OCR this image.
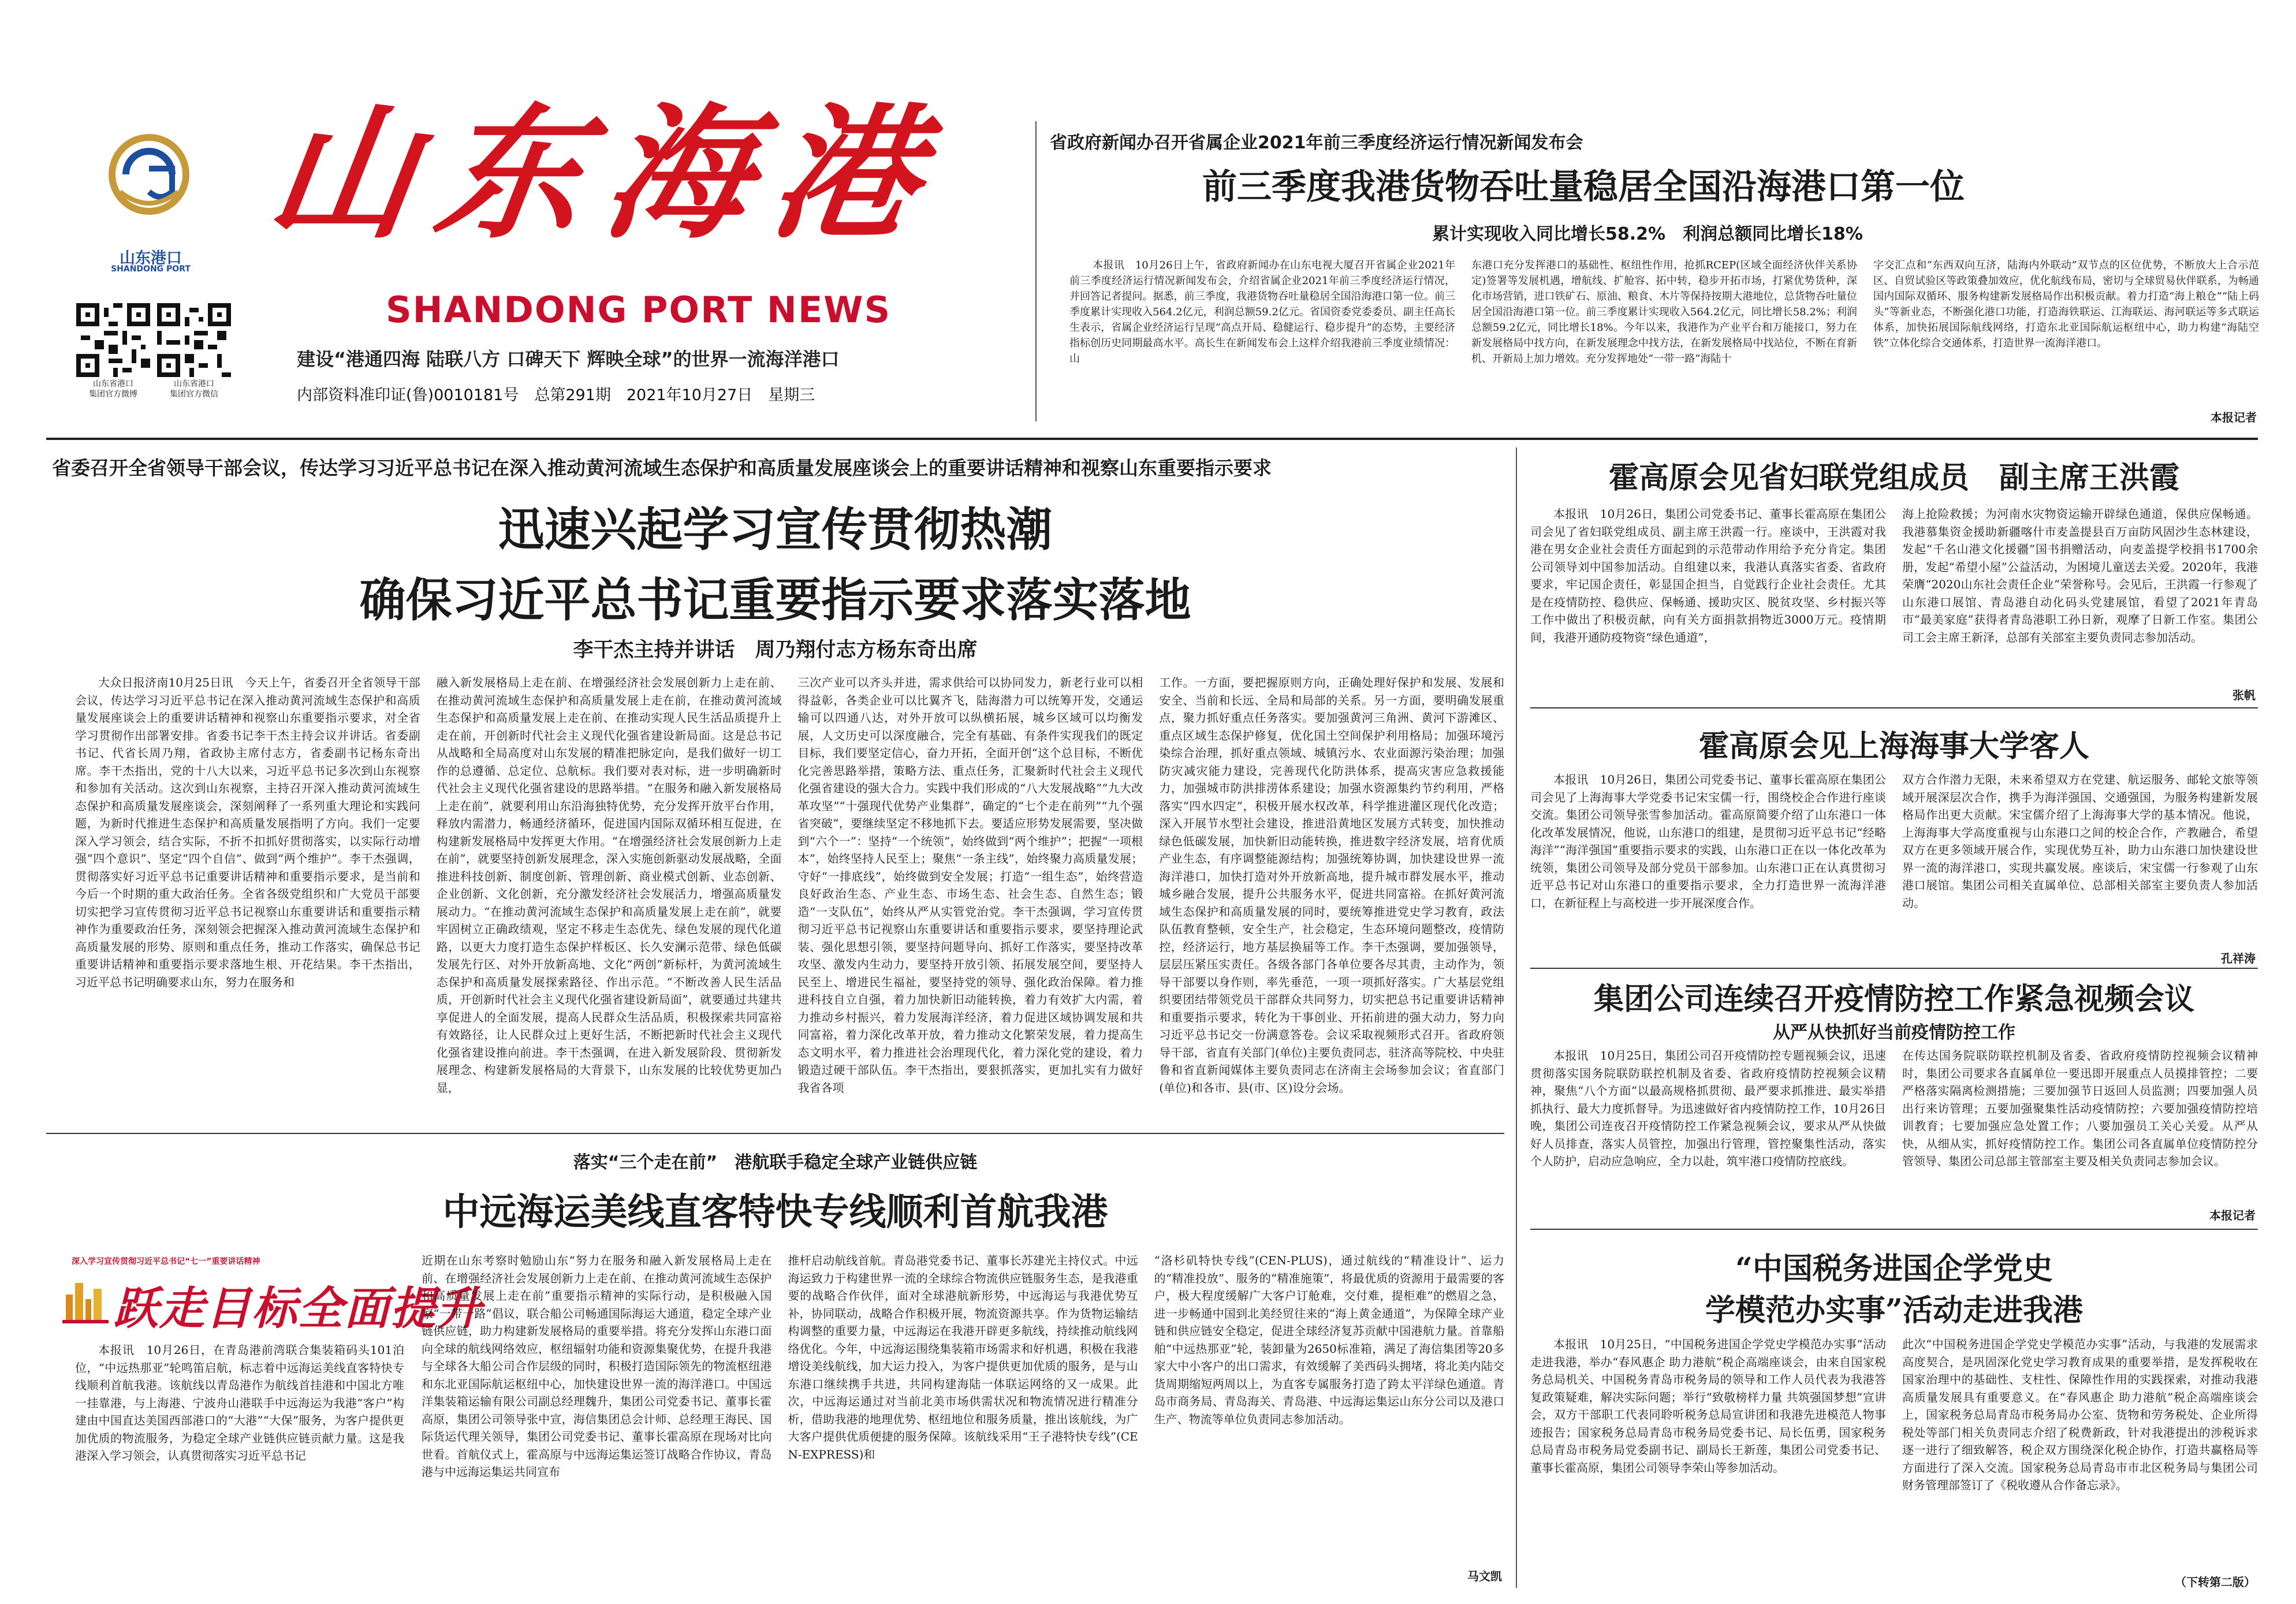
山东港口
SHANDONG PORT
山东省港口
集团官方微博
山东省港口
集团官方微信
山东海港
SHANDONG PORT NEWS
建设“港通四海 陆联八方 口碑天下 辉映全球”的世界一流海洋港口
内部资料准印证(鲁)0010181号　总第291期　2021年10月27日　星期三
省政府新闻办召开省属企业2021年前三季度经济运行情况新闻发布会
前三季度我港货物吞吐量稳居全国沿海港口第一位
累计实现收入同比增长58.2%　利润总额同比增长18%

本报讯　10月26日上午，省政府新闻办在山东电视大厦召开省属企业2021年前三季度经济运行情况新闻发布会，介绍省属企业2021年前三季度经济运行情况，并回答记者提问。据悉，前三季度，我港货物吞吐量稳居全国沿海港口第一位。前三季度累计实现收入564.2亿元，利润总额59.2亿元。省国资委党委委员、副主任高长生表示，省属企业经济运行呈现“高点开局、稳健运行、稳步提升”的态势，主要经济指标创历史同期最高水平。高长生在新闻发布会上这样介绍我港前三季度业绩情况：山

东港口充分发挥港口的基础性、枢纽性作用，抢抓RCEP(区域全面经济伙伴关系协定)签署等发展机遇，增航线、扩舱容、拓中转，稳步开拓市场，打紧优势货种，深化市场营销，进口铁矿石、原油、粮食、木片等保持按期大港地位，总货物吞吐量位居全国沿海港口第一位。前三季度累计实现收入564.2亿元，同比增长58.2%；利润总额59.2亿元，同比增长18%。今年以来，我港作为产业平台和万能接口，努力在新发展格局中找方向，在新发展理念中找方法，在新发展格局中找站位，不断在育新机、开新局上加力增效。充分发挥地处“一带一路”海陆十

字交汇点和“东西双向互济，陆海内外联动”双节点的区位优势，不断放大上合示范区、自贸试验区等政策叠加效应，优化航线布局，密切与全球贸易伙伴联系，为畅通国内国际双循环、服务构建新发展格局作出积极贡献。着力打造“海上粮仓”“陆上码头”等新业态，不断强化港口功能，打造海铁联运、江海联运、海河联运等多式联运体系，加快拓展国际航线网络，打造东北亚国际航运枢纽中心，助力构建“海陆空铁”立体化综合交通体系，打造世界一流海洋港口。

本报记者
省委召开全省领导干部会议，传达学习习近平总书记在深入推动黄河流域生态保护和高质量发展座谈会上的重要讲话精神和视察山东重要指示要求
迅速兴起学习宣传贯彻热潮
确保习近平总书记重要指示要求落实落地
李干杰主持并讲话　周乃翔付志方杨东奇出席

大众日报济南10月25日讯　今天上午，省委召开全省领导干部会议，传达学习习近平总书记在深入推动黄河流域生态保护和高质量发展座谈会上的重要讲话精神和视察山东重要指示要求，对全省学习贯彻作出部署安排。省委书记李干杰主持会议并讲话。省委副书记、代省长周乃翔，省政协主席付志方，省委副书记杨东奇出席。李干杰指出，党的十八大以来，习近平总书记多次到山东视察和参加有关活动。这次到山东视察，主持召开深入推动黄河流域生态保护和高质量发展座谈会，深刻阐释了一系列重大理论和实践问题，为新时代推进生态保护和高质量发展指明了方向。我们一定要深入学习领会，结合实际，不折不扣抓好贯彻落实，以实际行动增强“四个意识”、坚定“四个自信”、做到“两个维护”。李干杰强调，贯彻落实好习近平总书记重要讲话精神和重要指示要求，是当前和今后一个时期的重大政治任务。全省各级党组织和广大党员干部要切实把学习宣传贯彻习近平总书记视察山东重要讲话和重要指示精神作为重要政治任务，深刻领会把握深入推动黄河流域生态保护和高质量发展的形势、原则和重点任务，推动工作落实，确保总书记重要讲话精神和重要指示要求落地生根、开花结果。李干杰指出，习近平总书记明确要求山东，努力在服务和

融入新发展格局上走在前、在增强经济社会发展创新力上走在前、在推动黄河流域生态保护和高质量发展上走在前，在推动黄河流域生态保护和高质量发展上走在前、在推动实现人民生活品质提升上走在前，开创新时代社会主义现代化强省建设新局面。这是总书记从战略和全局高度对山东发展的精准把脉定向，是我们做好一切工作的总遵循、总定位、总航标。我们要对表对标，进一步明确新时代社会主义现代化强省建设的思路举措。“在服务和融入新发展格局上走在前”，就要利用山东沿海独特优势，充分发挥开放平台作用，释放内需潜力，畅通经济循环，促进国内国际双循环相互促进，在构建新发展格局中发挥更大作用。“在增强经济社会发展创新力上走在前”，就要坚持创新发展理念，深入实施创新驱动发展战略，全面推进科技创新、制度创新、管理创新、商业模式创新、业态创新、企业创新、文化创新，充分激发经济社会发展活力，增强高质量发展动力。“在推动黄河流域生态保护和高质量发展上走在前”，就要牢固树立正确政绩观，坚定不移走生态优先、绿色发展的现代化道路，以更大力度打造生态保护样板区、长久安澜示范带、绿色低碳发展先行区、对外开放新高地、文化“两创”新标杆，为黄河流域生态保护和高质量发展探索路径、作出示范。“不断改善人民生活品质，开创新时代社会主义现代化强省建设新局面”，就要通过共建共享促进人的全面发展，提高人民群众生活品质，积极探索共同富裕有效路径，让人民群众过上更好生活，不断把新时代社会主义现代化强省建设推向前进。李干杰强调，在进入新发展阶段、贯彻新发展理念、构建新发展格局的大背景下，山东发展的比较优势更加凸显，

三次产业可以齐头并进，需求供给可以协同发力，新老行业可以相得益彰，各类企业可以比翼齐飞，陆海潜力可以统筹开发，交通运输可以四通八达，对外开放可以纵横拓展，城乡区域可以均衡发展，人文历史可以深度融合，完全有基础、有条件实现我们的既定目标，我们要坚定信心，奋力开拓，全面开创“这个总目标，不断优化完善思路举措，策略方法、重点任务，汇聚新时代社会主义现代化强省建设的强大合力。实践中我们形成的“八大发展战略”“九大改革攻坚”“十强现代优势产业集群”，确定的“七个走在前列”“九个强省突破”，要继续坚定不移地抓下去。要适应形势发展需要，坚决做到“六个一”：坚持“一个统领”，始终做到“两个维护”；把握“一项根本”，始终坚持人民至上；聚焦“一条主线”，始终聚力高质量发展；守好“一排底线”，始终做到安全发展；打造“一组生态”，始终营造良好政治生态、产业生态、市场生态、社会生态、自然生态；锻造“一支队伍”，始终从严从实管党治党。李干杰强调，学习宣传贯彻习近平总书记视察山东重要讲话和重要指示要求，要坚持理论武装、强化思想引领，要坚持问题导向、抓好工作落实，要坚持改革攻坚、激发内生动力，要坚持开放引领、拓展发展空间，要坚持人民至上、增进民生福祉，要坚持党的领导、强化政治保障。着力推进科技自立自强，着力加快新旧动能转换，着力有效扩大内需，着力推动乡村振兴，着力发展海洋经济，着力促进区域协调发展和共同富裕，着力深化改革开放，着力推动文化繁荣发展，着力提高生态文明水平，着力推进社会治理现代化，着力深化党的建设，着力锻造过硬干部队伍。李干杰指出，要狠抓落实，更加扎实有力做好我省各项

工作。一方面，要把握原则方向，正确处理好保护和发展、发展和安全、当前和长远、全局和局部的关系。另一方面，要明确发展重点，聚力抓好重点任务落实。要加强黄河三角洲、黄河下游滩区、重点区域生态保护修复，优化国土空间保护利用格局；加强环境污染综合治理，抓好重点领域、城镇污水、农业面源污染治理；加强防灾减灾能力建设，完善现代化防洪体系，提高灾害应急救援能力，加强城市防洪排涝体系建设；加强水资源集约节约利用，严格落实“四水四定”，积极开展水权改革，科学推进灌区现代化改造；深入开展节水型社会建设，推进沿黄地区发展方式转变，加快推动绿色低碳发展，加快新旧动能转换，推进数字经济发展，培育优质产业生态，有序调整能源结构；加强统筹协调，加快建设世界一流海洋港口，加快打造对外开放新高地，提升城市群发展水平，推动城乡融合发展，提升公共服务水平，促进共同富裕。在抓好黄河流域生态保护和高质量发展的同时，要统筹推进党史学习教育，政法队伍教育整顿，安全生产，社会稳定，生态环境问题整改，疫情防控，经济运行，地方基层换届等工作。李干杰强调，要加强领导，层层压紧压实责任。各级各部门各单位要各尽其责，主动作为，领导干部要以身作则，率先垂范，一项一项抓好落实。广大基层党组织要团结带领党员干部群众共同努力，切实把总书记重要讲话精神和重要指示要求，转化为干事创业、开拓前进的强大动力，努力向习近平总书记交一份满意答卷。会议采取视频形式召开。省政府领导干部，省直有关部门(单位)主要负责同志，驻济高等院校、中央驻鲁和省直新闻媒体主要负责同志在济南主会场参加会议；省直部门(单位)和各市、县(市、区)设分会场。

霍高原会见省妇联党组成员　副主席王洪霞

本报讯　10月26日，集团公司党委书记、董事长霍高原在集团公司会见了省妇联党组成员、副主席王洪霞一行。座谈中，王洪霞对我港在男女企业社会责任方面起到的示范带动作用给予充分肯定。集团公司领导刘中国参加活动。自组建以来，我港认真落实省委、省政府要求，牢记国企责任，彰显国企担当，自觉践行企业社会责任。尤其是在疫情防控、稳供应、保畅通、援助灾区、脱贫攻坚、乡村振兴等工作中做出了积极贡献，向有关方面捐款捐物近3000万元。疫情期间，我港开通防疫物资“绿色通道”，

海上抢险救援；为河南水灾物资运输开辟绿色通道，保供应保畅通。我港慕集资金援助新疆喀什市麦盖提县百万亩防风固沙生态林建设，发起“千名山港文化援疆”国书捐赠活动，向麦盖提学校捐书1700余册，发起“希望小屋”公益活动，为困境儿童送去关爱。2020年，我港荣膺“2020山东社会责任企业”荣誉称号。会见后，王洪霞一行参观了山东港口展馆、青岛港自动化码头党建展馆，看望了2021年青岛市“最美家庭”获得者青岛港职工孙日新，观摩了日新工作室。集团公司工会主席王新泽，总部有关部室主要负责同志参加活动。

张帆
霍高原会见上海海事大学客人

本报讯　10月26日，集团公司党委书记、董事长霍高原在集团公司会见了上海海事大学党委书记宋宝儒一行，围绕校企合作进行座谈交流。集团公司领导张雪参加活动。霍高原简要介绍了山东港口一体化改革发展情况，他说，山东港口的组建，是贯彻习近平总书记“经略海洋”“海洋强国”重要指示要求的实践，山东港口正在以一体化改革为统领，集团公司领导及部分党员干部参加。山东港口正在认真贯彻习近平总书记对山东港口的重要指示要求，全力打造世界一流海洋港口，在新征程上与高校进一步开展深度合作。

双方合作潜力无限，未来希望双方在党建、航运服务、邮轮文旅等领域开展深层次合作，携手为海洋强国、交通强国，为服务构建新发展格局作出更大贡献。宋宝儒介绍了上海海事大学的基本情况。他说，上海海事大学高度重视与山东港口之间的校企合作，产教融合，希望双方在更多领域开展合作，实现优势互补，助力山东港口加快建设世界一流的海洋港口，实现共赢发展。座谈后，宋宝儒一行参观了山东港口展馆。集团公司相关直属单位、总部相关部室主要负责人参加活动。

孔祥涛
集团公司连续召开疫情防控工作紧急视频会议
从严从快抓好当前疫情防控工作

本报讯　10月25日，集团公司召开疫情防控专题视频会议，迅速贯彻落实国务院联防联控机制及省委、省政府疫情防控视频会议精神，聚焦“八个方面”以最高规格抓贯彻、最严要求抓推进、最实举措抓执行、最大力度抓督导。为迅速做好省内疫情防控工作，10月26日晚，集团公司连夜召开疫情防控工作紧急视频会议，要求从严从快做好人员排查，落实人员管控，加强出行管理，管控聚集性活动，落实个人防护，启动应急响应，全力以赴，筑牢港口疫情防控底线。

在传达国务院联防联控机制及省委、省政府疫情防控视频会议精神时，集团公司要求各直属单位一要迅即开展重点人员摸排管控；二要严格落实隔离检测措施；三要加强节日返回人员监测；四要加强人员出行来访管理；五要加强聚集性活动疫情防控；六要加强疫情防控培训教育；七要加强应急处置工作；八要加强员工关心关爱。从严从快，从细从实，抓好疫情防控工作。集团公司各直属单位疫情防控分管领导、集团公司总部主管部室主要及相关负责同志参加会议。

本报记者
“中国税务进国企学党史
学模范办实事”活动走进我港

本报讯　10月25日，“中国税务进国企学党史学模范办实事”活动走进我港，举办“春风惠企 助力港航”税企高端座谈会，由来自国家税务总局机关、中国税务青岛市税务局的领导和工作人员代表为我港答复政策疑难，解决实际问题；举行“致敬榜样力量 共筑强国梦想”宣讲会，双方干部职工代表同聆听税务总局宣讲团和我港先进模范人物事迹报告；国家税务总局青岛市税务局党委书记、局长伍勇，国家税务总局青岛市税务局党委副书记、副局长王新莲，集团公司党委书记、董事长霍高原，集团公司领导李荣山等参加活动。

此次“中国税务进国企学党史学模范办实事”活动，与我港的发展需求高度契合，是巩固深化党史学习教育成果的重要举措，是发挥税收在国家治理中的基础性、支柱性、保障性作用的实践探索，对推动我港高质量发展具有重要意义。在“春风惠企 助力港航”税企高端座谈会上，国家税务总局青岛市税务局办公室、货物和劳务税处、企业所得税处等部门相关负责同志介绍了税费新政，针对我港提出的涉税诉求逐一进行了细致解答，税企双方围绕深化税企协作，打造共赢格局等方面进行了深入交流。国家税务总局青岛市市北区税务局与集团公司财务管理部签订了《税收遵从合作备忘录》。

（下转第二版）
落实“三个走在前”　港航联手稳定全球产业链供应链
中远海运美线直客特快专线顺利首航我港
深入学习宣传贯彻习近平总书记“七一”重要讲话精神
跃走目标全面提升

本报讯　10月26日，在青岛港前湾联合集装箱码头101泊位，“中远热那亚”轮鸣笛启航，标志着中远海运美线直客特快专线顺利首航我港。该航线以青岛港作为航线首挂港和中国北方唯一挂靠港，与上海港、宁波舟山港联手中远海运为我港“客户”构建由中国直达美国西部港口的“大港”“大保”服务，为客户提供更加优质的物流服务，为稳定全球产业链供应链贡献力量。这是我港深入学习领会，认真贯彻落实习近平总书记

近期在山东考察时勉励山东“努力在服务和融入新发展格局上走在前、在增强经济社会发展创新力上走在前、在推动黄河流域生态保护和高质量发展上走在前”重要指示精神的实际行动，是积极融入国家“一带一路”倡议，联合船公司畅通国际海运大通道，稳定全球产业链供应链，助力构建新发展格局的重要举措。将充分发挥山东港口面向全球的航线网络效应，枢纽辐射功能和资源集聚优势，在提升我港与全球各大船公司合作层级的同时，积极打造国际领先的物流枢纽港和东北亚国际航运枢纽中心，加快建设世界一流的海洋港口。中国远洋集装箱运输有限公司副总经理魏升，集团公司党委书记、董事长霍高原，集团公司领导张中宣，海信集团总会计师、总经理王海民、国际货运代理关领导，集团公司党委书记、董事长霍高原在现场对比向世看。首航仪式上，霍高原与中远海运集运签订战略合作协议，青岛港与中远海运集运共同宣布

推杆启动航线首航。青岛港党委书记、董事长苏建光主持仪式。中远海运致力于构建世界一流的全球综合物流供应链服务生态，是我港重要的战略合作伙伴，面对全球港航新形势，中远海运与我港优势互补，协同联动，战略合作积极开展，物流资源共享。作为货物运输结构调整的重要力量，中远海运在我港开辟更多航线，持续推动航线网络优化。今年，中远海运围绕集装箱市场需求和好机遇，积极在我港增设美线航线，加大运力投入，为客户提供更加优质的服务，是与山东港口继续携手共进，共同构建海陆一体联运网络的又一成果。此次，中远海运通过对当前北美市场供需状况和物流情况进行精准分析，借助我港的地理优势、枢纽地位和服务质量，推出该航线，为广大客户提供优质便捷的服务保障。该航线采用“王子港特快专线”(CEN-EXPRESS)和

“洛杉矶特快专线”(CEN-PLUS)，通过航线的“精准设计”、运力的“精准投放”、服务的“精准施策”，将最优质的资源用于最需要的客户，极大程度缓解广大客户订舱难，交付难，提柜难”的燃眉之急，进一步畅通中国到北美经贸往来的“海上黄金通道”，为保障全球产业链和供应链安全稳定，促进全球经济复苏贡献中国港航力量。首靠船舶“中远热那亚”轮，装卸量为2650标准箱，满足了海信集团等20多家大中小客户的出口需求，有效缓解了美西码头拥堵，将北美内陆交货周期缩短两周以上，为直客专属服务打造了跨太平洋绿色通道。青岛市商务局、青岛海关、青岛港、中远海运集运山东分公司以及港口生产、物流等单位负责同志参加活动。

马文凯
